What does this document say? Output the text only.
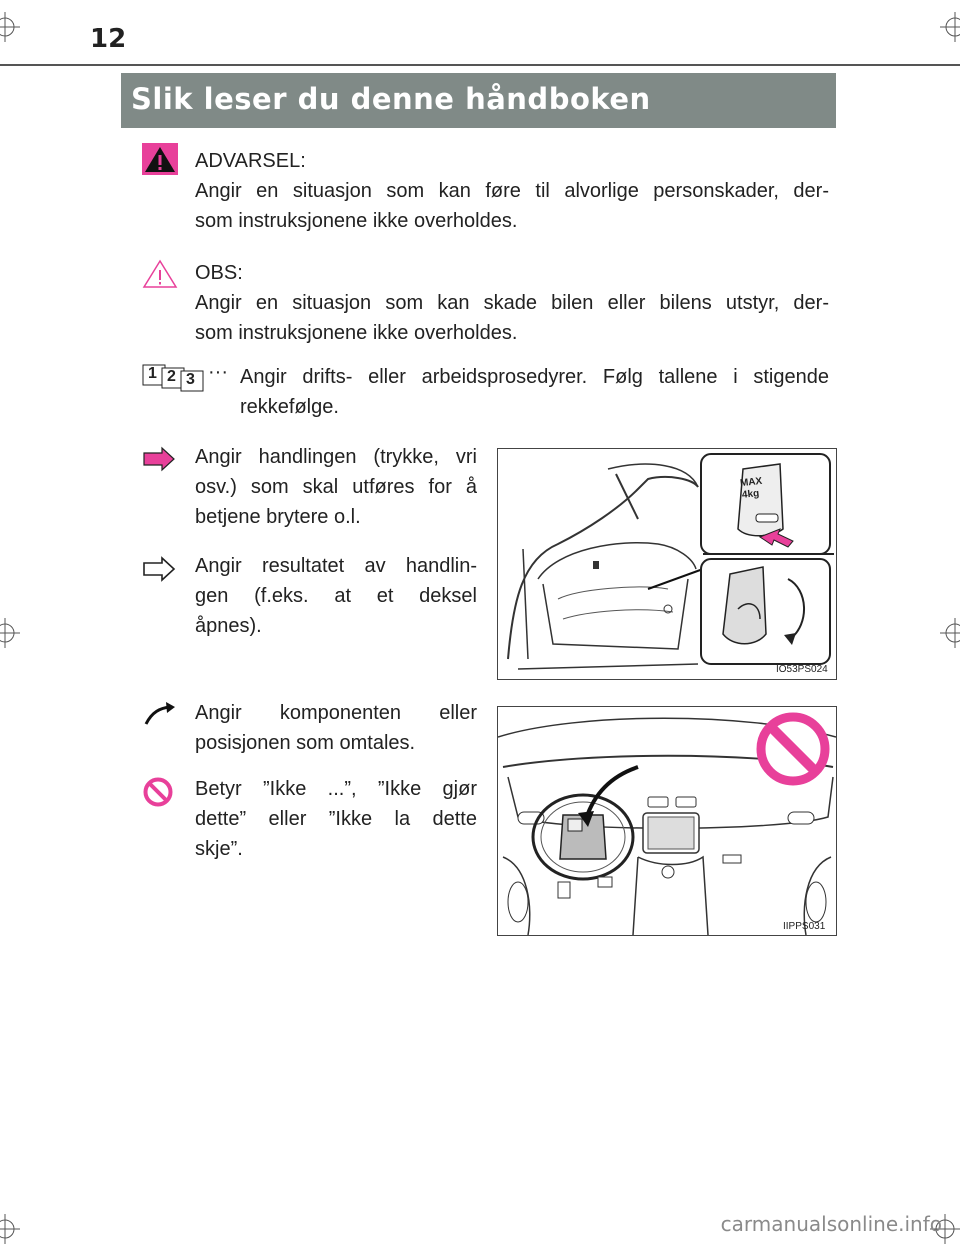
12
Slik leser du denne håndboken
ADVARSEL:
Angir en situasjon som kan føre til alvorlige personskader, der-
som instruksjonene ikke overholdes.
OBS:
Angir en situasjon som kan skade bilen eller bilens utstyr, der-
som instruksjonene ikke overholdes.
1 2 3 ··· Angir drifts- eller arbeidsprosedyrer. Følg tallene i stigende
rekkefølge.
Angir handlingen (trykke, vri
osv.) som skal utføres for å
betjene brytere o.l.
Angir resultatet av handlin-
gen (f.eks. at et deksel
åpnes).
MAX
4kg
IO53PS024
Angir komponenten eller
posisjonen som omtales.
Betyr ”Ikke ...”, ”Ikke gjør
dette” eller ”Ikke la dette
skje”.
IIPPS031
carmanualsonline.info
